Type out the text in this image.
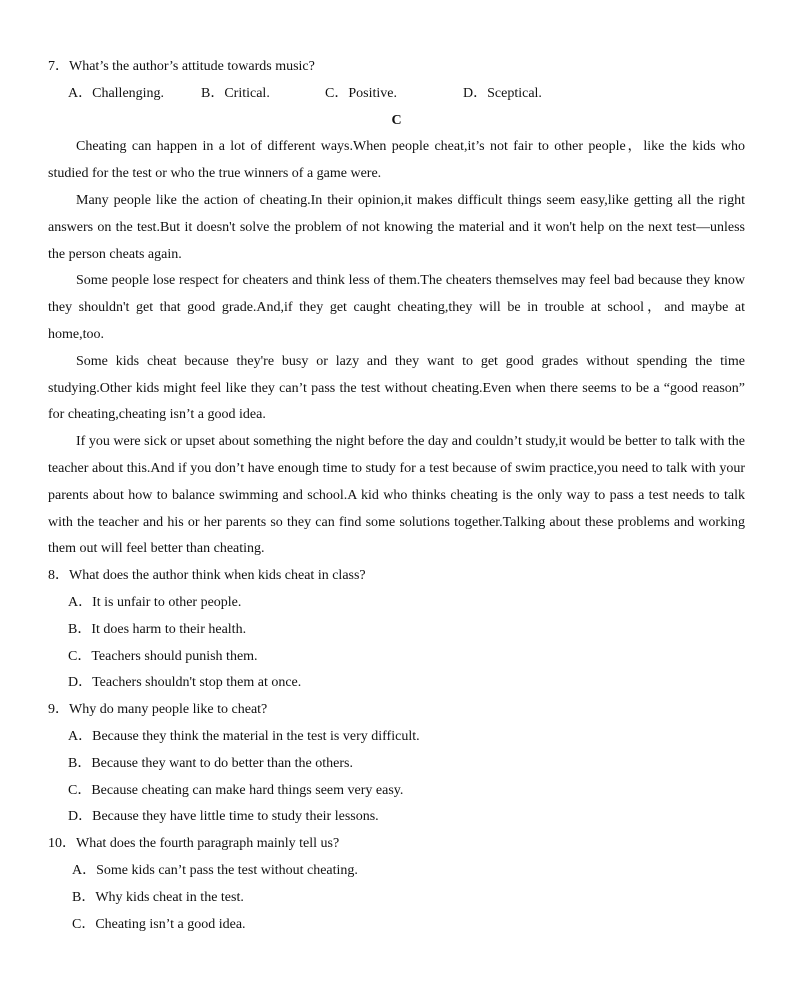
7．What’s the author’s attitude towards music?

A．Challenging.	B．Critical.	C．Positive.	D．Sceptical.

C

Cheating can happen in a lot of different ways.When people cheat,it’s not fair to other people，like the kids who studied for the test or who the true winners of a game were.

Many people like the action of cheating.In their opinion,it makes difficult things seem easy,like getting all the right answers on the test.But it doesn't solve the problem of not knowing the material and it won't help on the next test—unless the person cheats again.

Some people lose respect for cheaters and think less of them.The cheaters themselves may feel bad because they know they shouldn't get that good grade.And,if they get caught cheating,they will be in trouble at school，and maybe at home,too.

Some kids cheat because they're busy or lazy and they want to get good grades without spending the time studying.Other kids might feel like they can’t pass the test without cheating.Even when there seems to be a “good reason” for cheating,cheating isn’t a good idea.

If you were sick or upset about something the night before the day and couldn’t study,it would be better to talk with the teacher about this.And if you don’t have enough time to study for a test because of swim practice,you need to talk with your parents about how to balance swimming and school.A kid who thinks cheating is the only way to pass a test needs to talk with the teacher and his or her parents so they can find some solutions together.Talking about these problems and working them out will feel better than cheating.

8．What does the author think when kids cheat in class?

A．It is unfair to other people.

B．It does harm to their health.

C．Teachers should punish them.

D．Teachers shouldn't stop them at once.

9．Why do many people like to cheat?

A．Because they think the material in the test is very difficult.

B．Because they want to do better than the others.

C．Because cheating can make hard things seem very easy.

D．Because they have little time to study their lessons.

10．What does the fourth paragraph mainly tell us?

A．Some kids can’t pass the test without cheating.

B．Why kids cheat in the test.

C．Cheating isn’t a good idea.
